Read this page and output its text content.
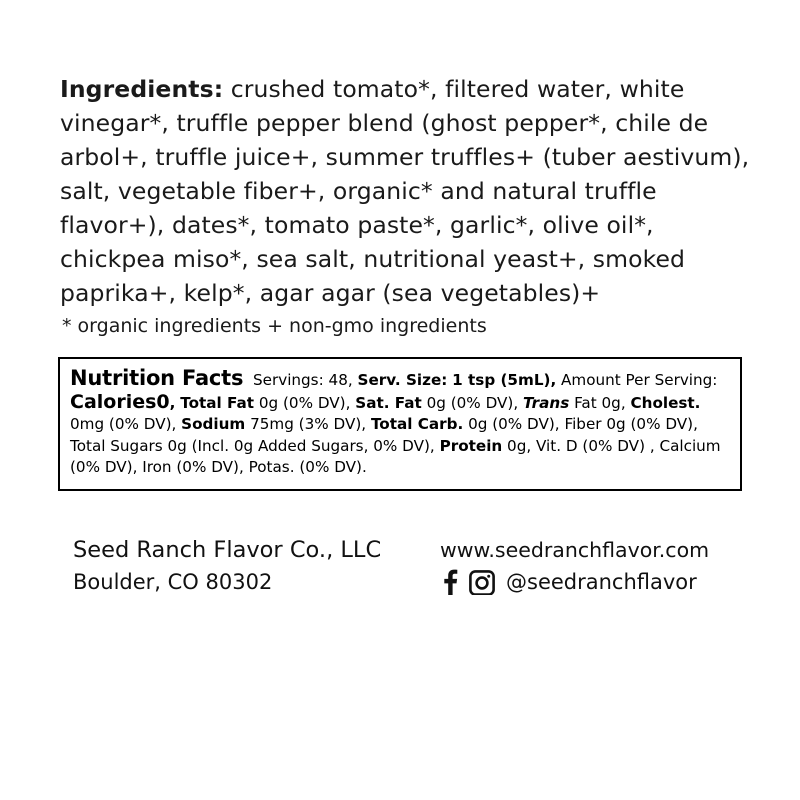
Ingredients: crushed tomato*, filtered water, white vinegar*, truffle pepper blend (ghost pepper*, chile de arbol+, truffle juice+, summer truffles+ (tuber aestivum), salt, vegetable fiber+, organic* and natural truffle flavor+), dates*, tomato paste*, garlic*, olive oil*, chickpea miso*, sea salt, nutritional yeast+, smoked paprika+, kelp*, agar agar (sea vegetables)+
* organic ingredients + non-gmo ingredients
Nutrition Facts Servings: 48, Serv. Size: 1 tsp (5mL), Amount Per Serving: Calories0, Total Fat 0g (0% DV), Sat. Fat 0g (0% DV), Trans Fat 0g, Cholest. 0mg (0% DV), Sodium 75mg (3% DV), Total Carb. 0g (0% DV), Fiber 0g (0% DV), Total Sugars 0g (Incl. 0g Added Sugars, 0% DV), Protein 0g, Vit. D (0% DV) , Calcium (0% DV), Iron (0% DV), Potas. (0% DV).
Seed Ranch Flavor Co., LLC
Boulder, CO 80302
www.seedranchflavor.com
@seedranchflavor
